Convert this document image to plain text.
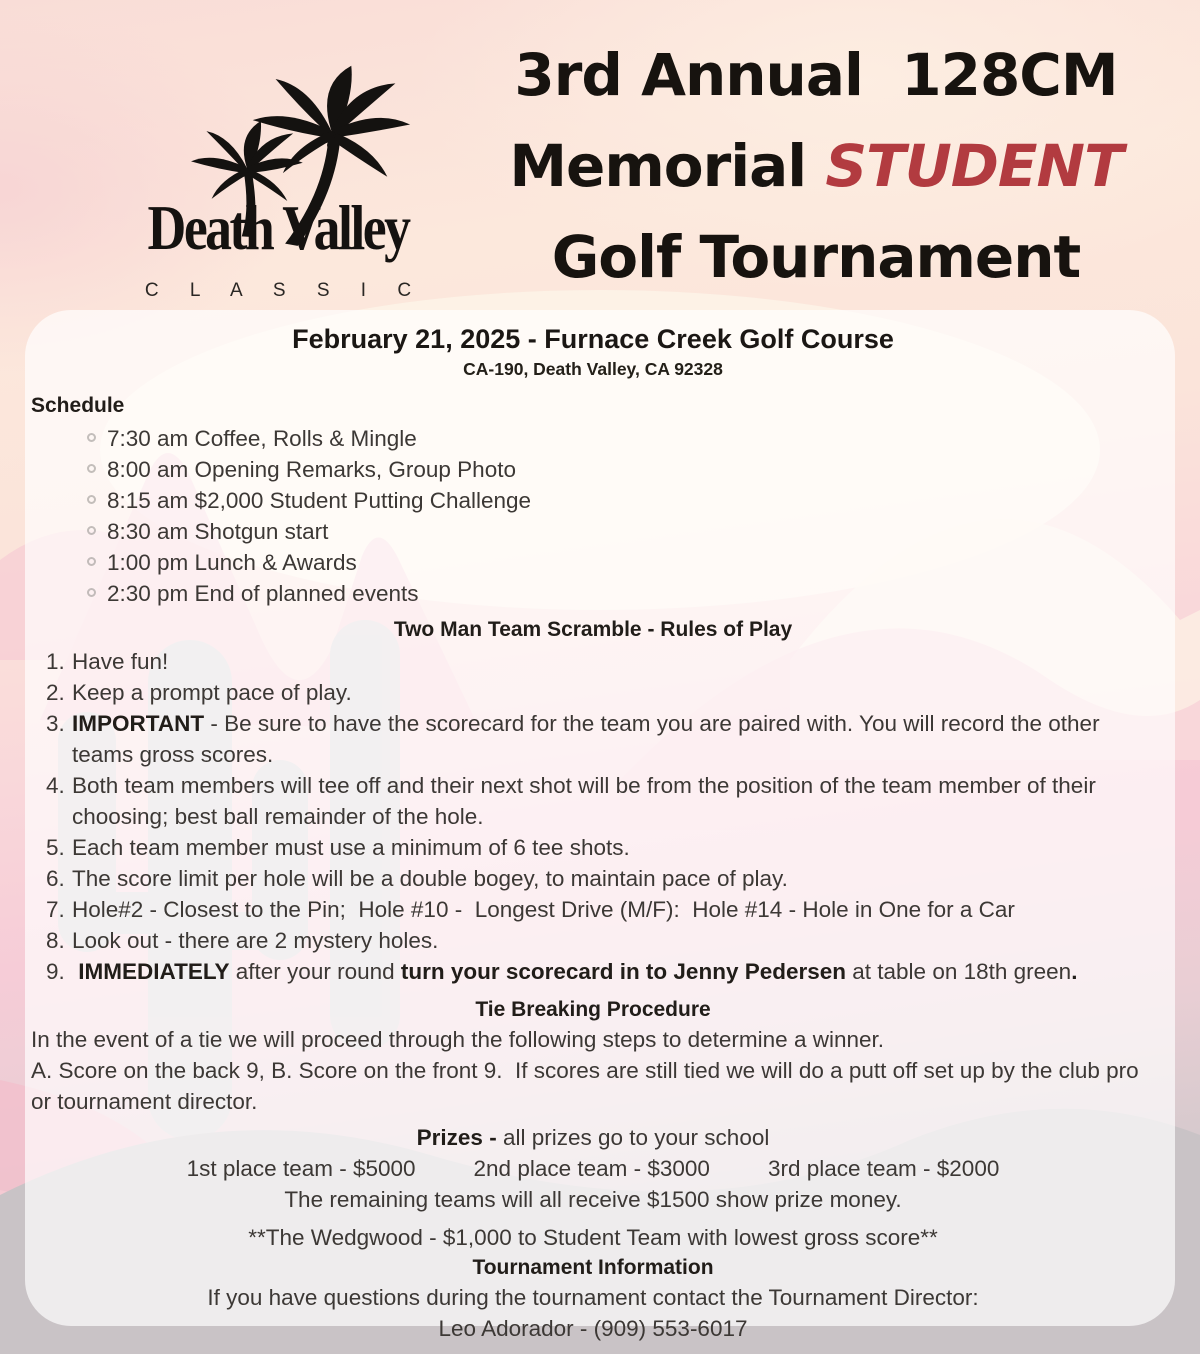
Death Valley
C L A S S I C
3rd Annual  128CM
Memorial STUDENT
Golf Tournament
February 21, 2025 - Furnace Creek Golf Course
CA-190, Death Valley, CA 92328
Schedule
7:30 am Coffee, Rolls & Mingle
8:00 am Opening Remarks, Group Photo
8:15 am $2,000 Student Putting Challenge
8:30 am Shotgun start
1:00 pm Lunch & Awards
2:30 pm End of planned events
Two Man Team Scramble - Rules of Play
1. Have fun!
2. Keep a prompt pace of play.
3. IMPORTANT - Be sure to have the scorecard for the team you are paired with. You will record the other teams gross scores.
4. Both team members will tee off and their next shot will be from the position of the team member of their choosing; best ball remainder of the hole.
5. Each team member must use a minimum of 6 tee shots.
6. The score limit per hole will be a double bogey, to maintain pace of play.
7. Hole#2 - Closest to the Pin;  Hole #10 -  Longest Drive (M/F):  Hole #14 - Hole in One for a Car
8. Look out - there are 2 mystery holes.
9. IMMEDIATELY after your round turn your scorecard in to Jenny Pedersen at table on 18th green.
Tie Breaking Procedure
In the event of a tie we will proceed through the following steps to determine a winner.
A. Score on the back 9, B. Score on the front 9.  If scores are still tied we will do a putt off set up by the club pro or tournament director.
Prizes - all prizes go to your school
1st place team - $5000	2nd place team - $3000	3rd place team - $2000
The remaining teams will all receive $1500 show prize money.
**The Wedgwood - $1,000 to Student Team with lowest gross score**
Tournament Information
If you have questions during the tournament contact the Tournament Director:
Leo Adorador - (909) 553-6017
